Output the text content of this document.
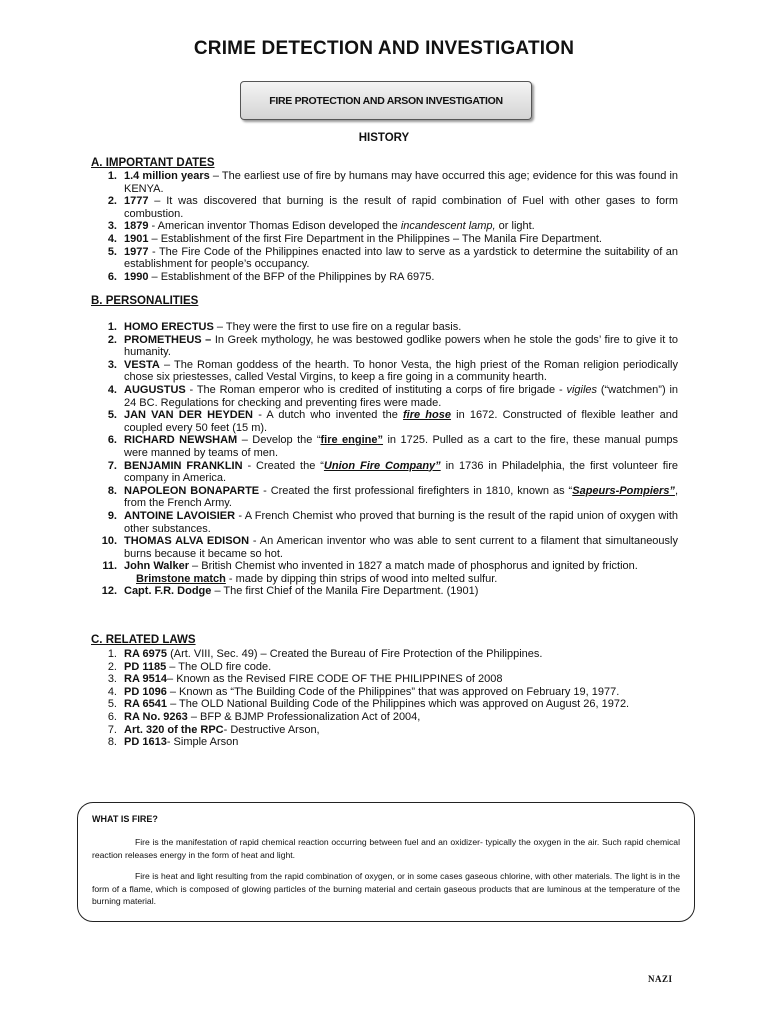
CRIME DETECTION AND INVESTIGATION
FIRE PROTECTION AND ARSON INVESTIGATION
HISTORY
A. IMPORTANT DATES
1. 1.4 million years – The earliest use of fire by humans may have occurred this age; evidence for this was found in KENYA.
2. 1777 – It was discovered that burning is the result of rapid combination of Fuel with other gases to form combustion.
3. 1879 - American inventor Thomas Edison developed the incandescent lamp, or light.
4. 1901 – Establishment of the first Fire Department in the Philippines – The Manila Fire Department.
5. 1977 - The Fire Code of the Philippines enacted into law to serve as a yardstick to determine the suitability of an establishment for people’s occupancy.
6. 1990 – Establishment of the BFP of the Philippines by RA 6975.
B. PERSONALITIES
1. HOMO ERECTUS – They were the first to use fire on a regular basis.
2. PROMETHEUS – In Greek mythology, he was bestowed godlike powers when he stole the gods’ fire to give it to humanity.
3. VESTA – The Roman goddess of the hearth. To honor Vesta, the high priest of the Roman religion periodically chose six priestesses, called Vestal Virgins, to keep a fire going in a community hearth.
4. AUGUSTUS - The Roman emperor who is credited of instituting a corps of fire brigade - vigiles (“watchmen”) in 24 BC. Regulations for checking and preventing fires were made.
5. JAN VAN DER HEYDEN - A dutch who invented the fire hose in 1672. Constructed of flexible leather and coupled every 50 feet (15 m).
6. RICHARD NEWSHAM – Develop the “fire engine” in 1725. Pulled as a cart to the fire, these manual pumps were manned by teams of men.
7. BENJAMIN FRANKLIN - Created the “Union Fire Company” in 1736 in Philadelphia, the first volunteer fire company in America.
8. NAPOLEON BONAPARTE - Created the first professional firefighters in 1810, known as “Sapeurs-Pompiers”, from the French Army.
9. ANTOINE LAVOISIER - A French Chemist who proved that burning is the result of the rapid union of oxygen with other substances.
10. THOMAS ALVA EDISON - An American inventor who was able to sent current to a filament that simultaneously burns because it became so hot.
11. John Walker – British Chemist who invented in 1827 a match made of phosphorus and ignited by friction.
Brimstone match - made by dipping thin strips of wood into melted sulfur.
12. Capt. F.R. Dodge – The first Chief of the Manila Fire Department. (1901)
C. RELATED LAWS
1. RA 6975 (Art. VIII, Sec. 49) – Created the Bureau of Fire Protection of the Philippines.
2. PD 1185 – The OLD fire code.
3. RA 9514– Known as the Revised FIRE CODE OF THE PHILIPPINES of 2008
4. PD 1096 – Known as “The Building Code of the Philippines” that was approved on February 19, 1977.
5. RA 6541 – The OLD National Building Code of the Philippines which was approved on August 26, 1972.
6. RA No. 9263 – BFP & BJMP Professionalization Act of 2004,
7. Art. 320 of the RPC- Destructive Arson,
8. PD 1613- Simple Arson
WHAT IS FIRE?

Fire is the manifestation of rapid chemical reaction occurring between fuel and an oxidizer- typically the oxygen in the air. Such rapid chemical reaction releases energy in the form of heat and light.

Fire is heat and light resulting from the rapid combination of oxygen, or in some cases gaseous chlorine, with other materials. The light is in the form of a flame, which is composed of glowing particles of the burning material and certain gaseous products that are luminous at the temperature of the burning material.

NAZI
